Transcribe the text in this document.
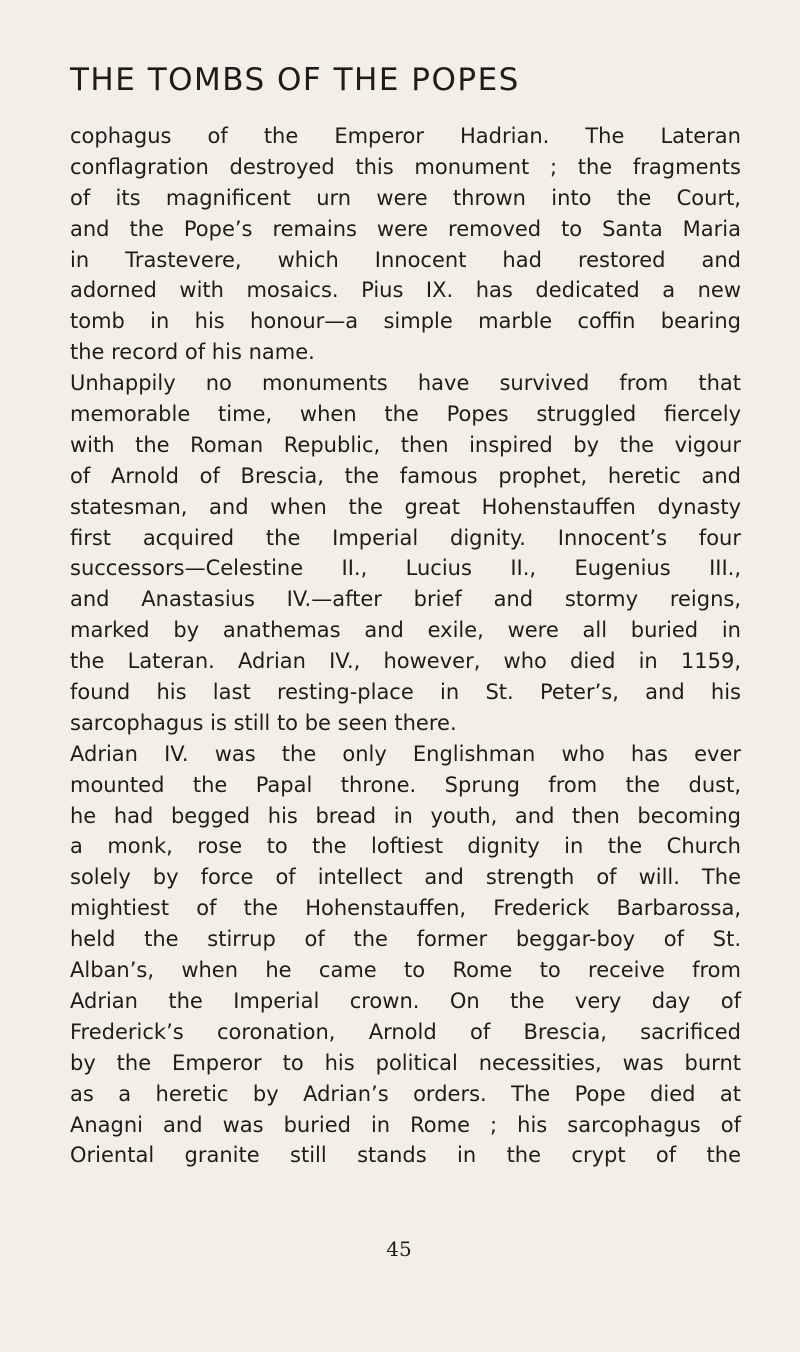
THE TOMBS OF THE POPES
cophagus of the Emperor Hadrian. The Lateran
conflagration destroyed this monument ; the fragments
of its magnificent urn were thrown into the Court,
and the Pope’s remains were removed to Santa Maria
in Trastevere, which Innocent had restored and
adorned with mosaics. Pius IX. has dedicated a new
tomb in his honour—a simple marble coffin bearing
the record of his name.
Unhappily no monuments have survived from that
memorable time, when the Popes struggled fiercely
with the Roman Republic, then inspired by the vigour
of Arnold of Brescia, the famous prophet, heretic and
statesman, and when the great Hohenstauffen dynasty
first acquired the Imperial dignity. Innocent’s four
successors—Celestine II., Lucius II., Eugenius III.,
and Anastasius IV.—after brief and stormy reigns,
marked by anathemas and exile, were all buried in
the Lateran. Adrian IV., however, who died in 1159,
found his last resting-place in St. Peter’s, and his
sarcophagus is still to be seen there.
Adrian IV. was the only Englishman who has ever
mounted the Papal throne. Sprung from the dust,
he had begged his bread in youth, and then becoming
a monk, rose to the loftiest dignity in the Church
solely by force of intellect and strength of will. The
mightiest of the Hohenstauffen, Frederick Barbarossa,
held the stirrup of the former beggar-boy of St.
Alban’s, when he came to Rome to receive from
Adrian the Imperial crown. On the very day of
Frederick’s coronation, Arnold of Brescia, sacrificed
by the Emperor to his political necessities, was burnt
as a heretic by Adrian’s orders. The Pope died at
Anagni and was buried in Rome ; his sarcophagus of
Oriental granite still stands in the crypt of the
45
